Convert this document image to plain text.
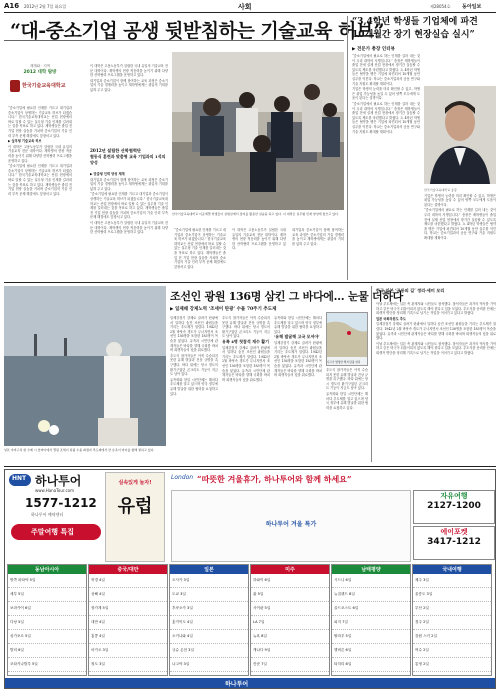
A16 2012년 2월 7일 화요일	사회	제28054호 동아일보
“대-중소기업 공생 뒷받침하는 기술교육 허브”
재계와 · 지역
2012 대학 탐방
한국기술교육대학교

“중소기업에 필요한 인재를 기르고 대기업과 중소기업이 상생하는 기술교육 허브가 되겠습니다.” 한국기술교육대학교는 산업 현장에서 바로 일할 수 있는 실무형 기술 인재를 길러내는 것을 목표로 하고 있다. 재학생들은 졸업 전 기업 현장 실습을 거치며 중소기업의 기술 인력 부족 문제 해결에도 앞장서고 있다.

▶ 실무형 기술교육 허브

이 대학은 고용노동부가 설립한 국내 유일의 기술교육 전문 대학이다. 재학생의 현장 적응력을 높이기 위해 다양한 산학협력 프로그램을 운영하고 있다.

“중소기업에 필요한 인재를 기르고 대기업과 중소기업이 상생하는 기술교육 허브가 되겠습니다.” 한국기술교육대학교는 산업 현장에서 바로 일할 수 있는 실무형 기술 인재를 길러내는 것을 목표로 하고 있다. 재학생들은 졸업 전 기업 현장 실습을 거치며 중소기업의 기술 인력 부족 문제 해결에도 앞장서고 있다.

이 대학은 고용노동부가 설립한 국내 유일의 기술교육 전문 대학이다. 재학생의 현장 적응력을 높이기 위해 다양한 산학협력 프로그램을 운영하고 있다.

대기업과 중소기업이 함께 참여하는 교육 과정은 중소기업의 기술 경쟁력을 높이고 재학생에게는 취업의 기회를 넓혀 주고 있다.

2012년 설립한 산학협력단
협동식 훈련과 맞춤형 교육 기업과의 1석의 양성

▶ 맞춤형 인력 양성 체계

대기업과 중소기업이 함께 참여하는 교육 과정은 중소기업의 기술 경쟁력을 높이고 재학생에게는 취업의 기회를 넓혀 주고 있다.

“중소기업에 필요한 인재를 기르고 대기업과 중소기업이 상생하는 기술교육 허브가 되겠습니다.” 한국기술교육대학교는 산업 현장에서 바로 일할 수 있는 실무형 기술 인재를 길러내는 것을 목표로 하고 있다. 재학생들은 졸업 전 기업 현장 실습을 거치며 중소기업의 기술 인력 부족 문제 해결에도 앞장서고 있다.

이 대학은 고용노동부가 설립한 국내 유일의 기술교육 전문 대학이다. 재학생의 현장 적응력을 높이기 위해 다양한 산학협력 프로그램을 운영하고 있다.

한국기술교육대학교 이공계열 학생들이 실험실에서 장비를 활용한 실습을 하고 있다. 이 대학은 실무형 인재 양성에 힘쓰고 있다.

“중소기업에 필요한 인재를 기르고 대기업과 중소기업이 상생하는 기술교육 허브가 되겠습니다.” 한국기술교육대학교는 산업 현장에서 바로 일할 수 있는 실무형 기술 인재를 길러내는 것을 목표로 하고 있다. 재학생들은 졸업 전 기업 현장 실습을 거치며 중소기업의 기술 인력 부족 문제 해결에도 앞장서고 있다.

이 대학은 고용노동부가 설립한 국내 유일의 기술교육 전문 대학이다. 재학생의 현장 적응력을 높이기 위해 다양한 산학협력 프로그램을 운영하고 있다.

대기업과 중소기업이 함께 참여하는 교육 과정은 중소기업의 기술 경쟁력을 높이고 재학생에게는 취업의 기회를 넓혀 주고 있다.

“3,4학년 학생들 기업체에 파견
10개월간 장기 현장실습 실시”
▶ 전문가 총장 인터뷰

“중소기업에서 필요로 하는 인재를 길러 내는 것이 우리 대학의 사명입니다.” 총장은 재학생들이 졸업 전에 실제 산업 현장에서 장기간 실습할 수 있도록 제도를 마련했다고 밝혔다. 3, 4학년 학생들은 협약을 맺은 기업에 파견되어 10개월 동안 실무를 익힌다. 학교는 중소기업과의 공동 연구와 기술 지원도 확대할 계획이다.

기업은 학생의 능력을 미리 확인할 수 있고, 학생은 취업 가능성을 높일 수 있어 양쪽 모두에게 도움이 된다는 설명이다.

“중소기업에서 필요로 하는 인재를 길러 내는 것이 우리 대학의 사명입니다.” 총장은 재학생들이 졸업 전에 실제 산업 현장에서 장기간 실습할 수 있도록 제도를 마련했다고 밝혔다. 3, 4학년 학생들은 협약을 맺은 기업에 파견되어 10개월 동안 실무를 익힌다. 학교는 중소기업과의 공동 연구와 기술 지원도 확대할 계획이다.

한국기술교육대학교 총장

기업은 학생의 능력을 미리 확인할 수 있고, 학생은 취업 가능성을 높일 수 있어 양쪽 모두에게 도움이 된다는 설명이다.

“중소기업에서 필요로 하는 인재를 길러 내는 것이 우리 대학의 사명입니다.” 총장은 재학생들이 졸업 전에 실제 산업 현장에서 장기간 실습할 수 있도록 제도를 마련했다고 밝혔다. 3, 4학년 학생들은 협약을 맺은 기업에 파견되어 10개월 동안 실무를 익힌다. 학교는 중소기업과의 공동 연구와 기술 지원도 확대할 계획이다.

일본 야마구치 현 우베 시 앞바다에서 열린 조세이 탄광 수몰 희생자 추도제에서 한 유족이 바다를 향해 절하고 있다.
조선인 광원 136명 삼킨 그 바다에… 눈물 더하다
▶ 일제때 강제노역 ‘조세이 탄광’ 수몰 70주기 추도제

일제강점기 강제로 끌려가 탄광에서 일하다 숨진 조선인 광원들을 기리는 추도제가 열렸다. 1942년 2월 바닷속 갱도가 무너지면서 조선인 136명을 포함한 183명이 목숨을 잃었다. 유족과 시민단체 관계자들은 바다를 향해 국화를 바치며 희생자들의 넋을 위로했다.

추도식 참가자들은 아직 수습되지 못한 유해 발굴과 진상 규명을 촉구했다. 바다 위에는 당시 갱도의 환기구였던 콘크리트 기둥이 지금도 남아 있다.

유족회와 한일 시민단체는 해마다 추도제를 열고 있으며 양국 정부에 유해 발굴을 위한 협력을 요청하고 있다.

추도식 참가자들은 아직 수습되지 못한 유해 발굴과 진상 규명을 촉구했다. 바다 위에는 당시 갱도의 환기구였던 콘크리트 기둥이 지금도 남아 있다.

유족 4명 첫참석 재수 활기

일제강점기 강제로 끌려가 탄광에서 일하다 숨진 조선인 광원들을 기리는 추도제가 열렸다. 1942년 2월 바닷속 갱도가 무너지면서 조선인 136명을 포함한 183명이 목숨을 잃었다. 유족과 시민단체 관계자들은 바다를 향해 국화를 바치며 희생자들의 넋을 위로했다.

유족회와 한일 시민단체는 해마다 추도제를 열고 있으며 양국 정부에 유해 발굴을 위한 협력을 요청하고 있다.

‘유해 발굴해 고국 모셔야’

일제강점기 강제로 끌려가 탄광에서 일하다 숨진 조선인 광원들을 기리는 추도제가 열렸다. 1942년 2월 바닷속 갱도가 무너지면서 조선인 136명을 포함한 183명이 목숨을 잃었다. 유족과 시민단체 관계자들은 바다를 향해 국화를 바치며 희생자들의 넋을 위로했다.

사고가 발생한 해저 탄광 위치

추도식 참가자들은 아직 수습되지 못한 유해 발굴과 진상 규명을 촉구했다. 바다 위에는 당시 갱도의 환기구였던 콘크리트 기둥이 지금도 남아 있다.

유족회와 한일 시민단체는 해마다 추도제를 열고 있으며 양국 정부에 유해 발굴을 위한 협력을 요청하고 있다.

한국·일본 ‘공동의 길’ 정리·세미 모리

이날 추도제에는 일본 측 관계자와 시민들도 참석했다. 참석자들은 과거의 역사를 기억하고 같은 비극이 되풀이되지 않도록 해야 한다고 입을 모았다. 추도식을 준비한 단체는 희생자 명단을 정리해 기록으로 남기는 작업을 이어가고 있다고 밝혔다.

일본 국회의원도 추도

일제강점기 강제로 끌려가 탄광에서 일하다 숨진 조선인 광원들을 기리는 추도제가 열렸다. 1942년 2월 바닷속 갱도가 무너지면서 조선인 136명을 포함한 183명이 목숨을 잃었다. 유족과 시민단체 관계자들은 바다를 향해 국화를 바치며 희생자들의 넋을 위로했다.

이날 추도제에는 일본 측 관계자와 시민들도 참석했다. 참석자들은 과거의 역사를 기억하고 같은 비극이 되풀이되지 않도록 해야 한다고 입을 모았다. 추도식을 준비한 단체는 희생자 명단을 정리해 기록으로 남기는 작업을 이어가고 있다고 밝혔다.

HNT 하나투어
www.HanaTour.com
1577-1212
하나투어 예약센터
주말여행 특집
실속있게 놀자!
유럽
London “따뜻한 겨울휴가, 하나투어와 함께 하세요”
하나투어 겨울 특가
자유여행
2127-1200
에이포켓
3417-1212
동남아시아
방콕 파타야 5일
세부 5일
보라카이 6일
다낭 5일
싱가포르 5일
발리 6일
코타키나발루 5일
중국/대만
북경 4일
상해 4일
장가계 5일
대만 4일
홍콩 4일
마카오 3일
청도 3일
일본
오사카 3일
도쿄 3일
후쿠오카 3일
홋카이도 4일
오키나와 4일
규슈 온천 3일
나고야 3일
미주
하와이 6일
괌 5일
사이판 5일
LA 7일
뉴욕 8일
캐나다 9일
칸쿤 7일
남태평양
시드니 6일
뉴질랜드 8일
골드코스트 6일
피지 7일
팔라우 5일
멜버른 6일
타히티 8일
국내여행
제주 3일
울릉도 3일
부산 2일
경주 2일
강원 스키 2일
여수 2일
통영 2일
하나투어
